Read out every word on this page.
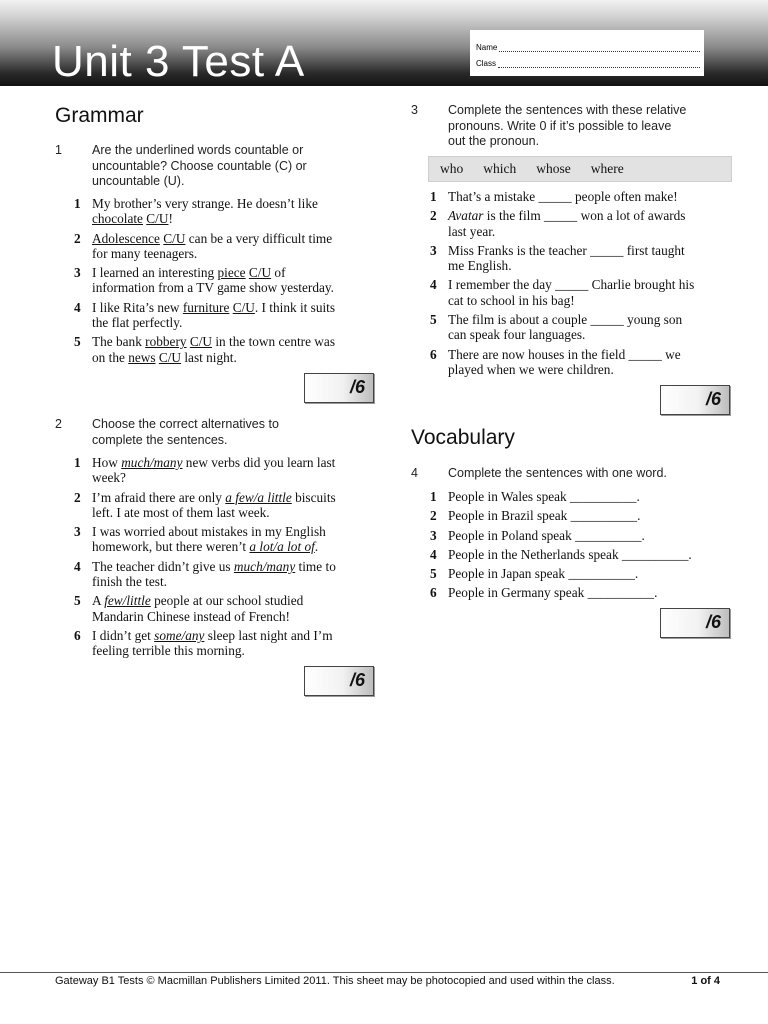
Unit 3 Test A	Name
Class
Grammar
1 Are the underlined words countable or
uncountable? Choose countable (C) or
uncountable (U).
1 My brother’s very strange. He doesn’t like
chocolate C/U!
2 Adolescence C/U can be a very difficult time
for many teenagers.
3 I learned an interesting piece C/U of
information from a TV game show yesterday.
4 I like Rita’s new furniture C/U. I think it suits
the flat perfectly.
5 The bank robbery C/U in the town centre was
on the news C/U last night.
/6
2 Choose the correct alternatives to
complete the sentences.
1 How much/many new verbs did you learn last
week?
2 I’m afraid there are only a few/a little biscuits
left. I ate most of them last week.
3 I was worried about mistakes in my English
homework, but there weren’t a lot/a lot of.
4 The teacher didn’t give us much/many time to
finish the test.
5 A few/little people at our school studied
Mandarin Chinese instead of French!
6 I didn’t get some/any sleep last night and I’m
feeling terrible this morning.
/6
3 Complete the sentences with these relative
pronouns. Write 0 if it’s possible to leave
out the pronoun.
who which whose where
1 That’s a mistake _____ people often make!
2 Avatar is the film _____ won a lot of awards
last year.
3 Miss Franks is the teacher _____ first taught
me English.
4 I remember the day _____ Charlie brought his
cat to school in his bag!
5 The film is about a couple _____ young son
can speak four languages.
6 There are now houses in the field _____ we
played when we were children.
/6
Vocabulary
4 Complete the sentences with one word.
1 People in Wales speak __________.
2 People in Brazil speak __________.
3 People in Poland speak __________.
4 People in the Netherlands speak __________.
5 People in Japan speak __________.
6 People in Germany speak __________.
/6
Gateway B1 Tests © Macmillan Publishers Limited 2011. This sheet may be photocopied and used within the class.	1 of 4
